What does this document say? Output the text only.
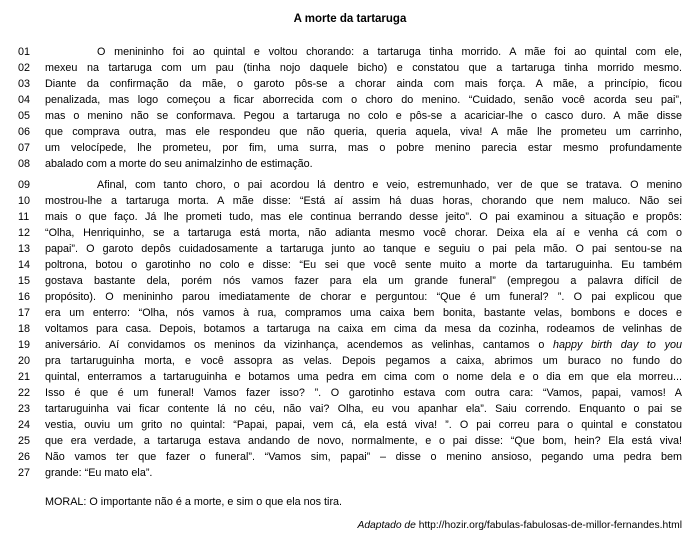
A morte da tartaruga
01	O menininho foi ao quintal e voltou chorando: a tartaruga tinha morrido. A mãe foi ao quintal com ele,
02	mexeu na tartaruga com um pau (tinha nojo daquele bicho) e constatou que a tartaruga tinha morrido mesmo.
03	Diante da confirmação da mãe, o garoto pôs-se a chorar ainda com mais força. A mãe, a princípio, ficou
04	penalizada, mas logo começou a ficar aborrecida com o choro do menino. “Cuidado, senão você acorda seu pai”,
05	mas o menino não se conformava. Pegou a tartaruga no colo e pôs-se a acariciar-lhe o casco duro. A mãe disse
06	que comprava outra, mas ele respondeu que não queria, queria aquela, viva! A mãe lhe prometeu um carrinho,
07	um velocípede, lhe prometeu, por fim, uma surra, mas o pobre menino parecia estar mesmo profundamente
08	abalado com a morte do seu animalzinho de estimação.
09	Afinal, com tanto choro, o pai acordou lá dentro e veio, estremunhado, ver de que se tratava. O menino
10	mostrou-lhe a tartaruga morta. A mãe disse: “Está aí assim há duas horas, chorando que nem maluco. Não sei
11	mais o que faço. Já lhe prometi tudo, mas ele continua berrando desse jeito”. O pai examinou a situação e propôs:
12	“Olha, Henriquinho, se a tartaruga está morta, não adianta mesmo você chorar. Deixa ela aí e venha cá com o
13	papai”. O garoto depôs cuidadosamente a tartaruga junto ao tanque e seguiu o pai pela mão. O pai sentou-se na
14	poltrona, botou o garotinho no colo e disse: “Eu sei que você sente muito a morte da tartaruguinha. Eu também
15	gostava bastante dela, porém nós vamos fazer para ela um grande funeral” (empregou a palavra difícil de
16	propósito). O menininho parou imediatamente de chorar e perguntou: “Que é um funeral? ”. O pai explicou que
17	era um enterro: “Olha, nós vamos à rua, compramos uma caixa bem bonita, bastante velas, bombons e doces e
18	voltamos para casa. Depois, botamos a tartaruga na caixa em cima da mesa da cozinha, rodeamos de velinhas de
19	aniversário. Aí convidamos os meninos da vizinhança, acendemos as velinhas, cantamos o happy birth day to you
20	pra tartaruguinha morta, e você assopra as velas. Depois pegamos a caixa, abrimos um buraco no fundo do
21	quintal, enterramos a tartaruguinha e botamos uma pedra em cima com o nome dela e o dia em que ela morreu...
22	Isso é que é um funeral! Vamos fazer isso? ”. O garotinho estava com outra cara: “Vamos, papai, vamos! A
23	tartaruguinha vai ficar contente lá no céu, não vai? Olha, eu vou apanhar ela”. Saiu correndo. Enquanto o pai se
24	vestia, ouviu um grito no quintal: “Papai, papai, vem cá, ela está viva! ”. O pai correu para o quintal e constatou
25	que era verdade, a tartaruga estava andando de novo, normalmente, e o pai disse: “Que bom, hein? Ela está viva!
26	Não vamos ter que fazer o funeral”. “Vamos sim, papai” – disse o menino ansioso, pegando uma pedra bem
27	grande: “Eu mato ela”.
MORAL: O importante não é a morte, e sim o que ela nos tira.
Adaptado de http://hozir.org/fabulas-fabulosas-de-millor-fernandes.html
